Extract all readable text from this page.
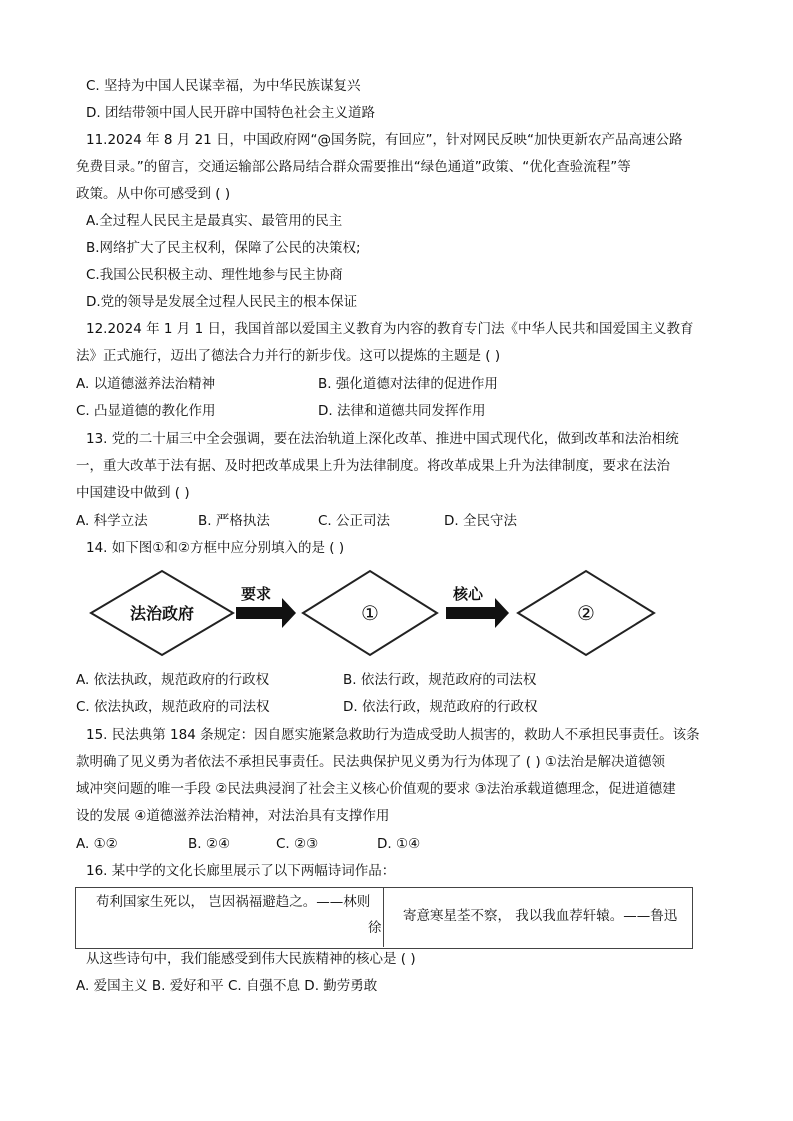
C. 坚持为中国人民谋幸福，为中华民族谋复兴
D. 团结带领中国人民开辟中国特色社会主义道路
11.2024 年 8 月 21 日，中国政府网“@国务院，有回应”，针对网民反映“加快更新农产品高速公路
免费目录。”的留言，交通运输部公路局结合群众需要推出“绿色通道”政策、“优化查验流程”等
政策。从中你可感受到 ( )
A.全过程人民民主是最真实、最管用的民主
B.网络扩大了民主权利，保障了公民的决策权;
C.我国公民积极主动、理性地参与民主协商
D.党的领导是发展全过程人民民主的根本保证
12.2024 年 1 月 1 日，我国首部以爱国主义教育为内容的教育专门法《中华人民共和国爱国主义教育
法》正式施行，迈出了德法合力并行的新步伐。这可以提炼的主题是 ( )
A. 以道德滋养法治精神	B. 强化道德对法律的促进作用
C. 凸显道德的教化作用	D. 法律和道德共同发挥作用
13. 党的二十届三中全会强调，要在法治轨道上深化改革、推进中国式现代化，做到改革和法治相统
一，重大改革于法有据、及时把改革成果上升为法律制度。将改革成果上升为法律制度，要求在法治
中国建设中做到 ( )
A. 科学立法	B. 严格执法	C. 公正司法	D. 全民守法
14. 如下图①和②方框中应分别填入的是 ( )
法治政府
要求
①
核心
②
A. 依法执政，规范政府的行政权	B. 依法行政，规范政府的司法权
C. 依法执政，规范政府的司法权	D. 依法行政，规范政府的行政权
15. 民法典第 184 条规定：因自愿实施紧急救助行为造成受助人损害的，救助人不承担民事责任。该条
款明确了见义勇为者依法不承担民事责任。民法典保护见义勇为行为体现了 ( ) ①法治是解决道德领
域冲突问题的唯一手段 ②民法典浸润了社会主义核心价值观的要求 ③法治承载道德理念，促进道德建
设的发展 ④道德滋养法治精神，对法治具有支撑作用
A. ①②	B. ②④	C. ②③	D. ①④
16. 某中学的文化长廊里展示了以下两幅诗词作品：
苟利国家生死以， 岂因祸福避趋之。——林则
徐
寄意寒星荃不察， 我以我血荐轩辕。——鲁迅
从这些诗句中，我们能感受到伟大民族精神的核心是 ( )
A. 爱国主义 B. 爱好和平 C. 自强不息 D. 勤劳勇敢
